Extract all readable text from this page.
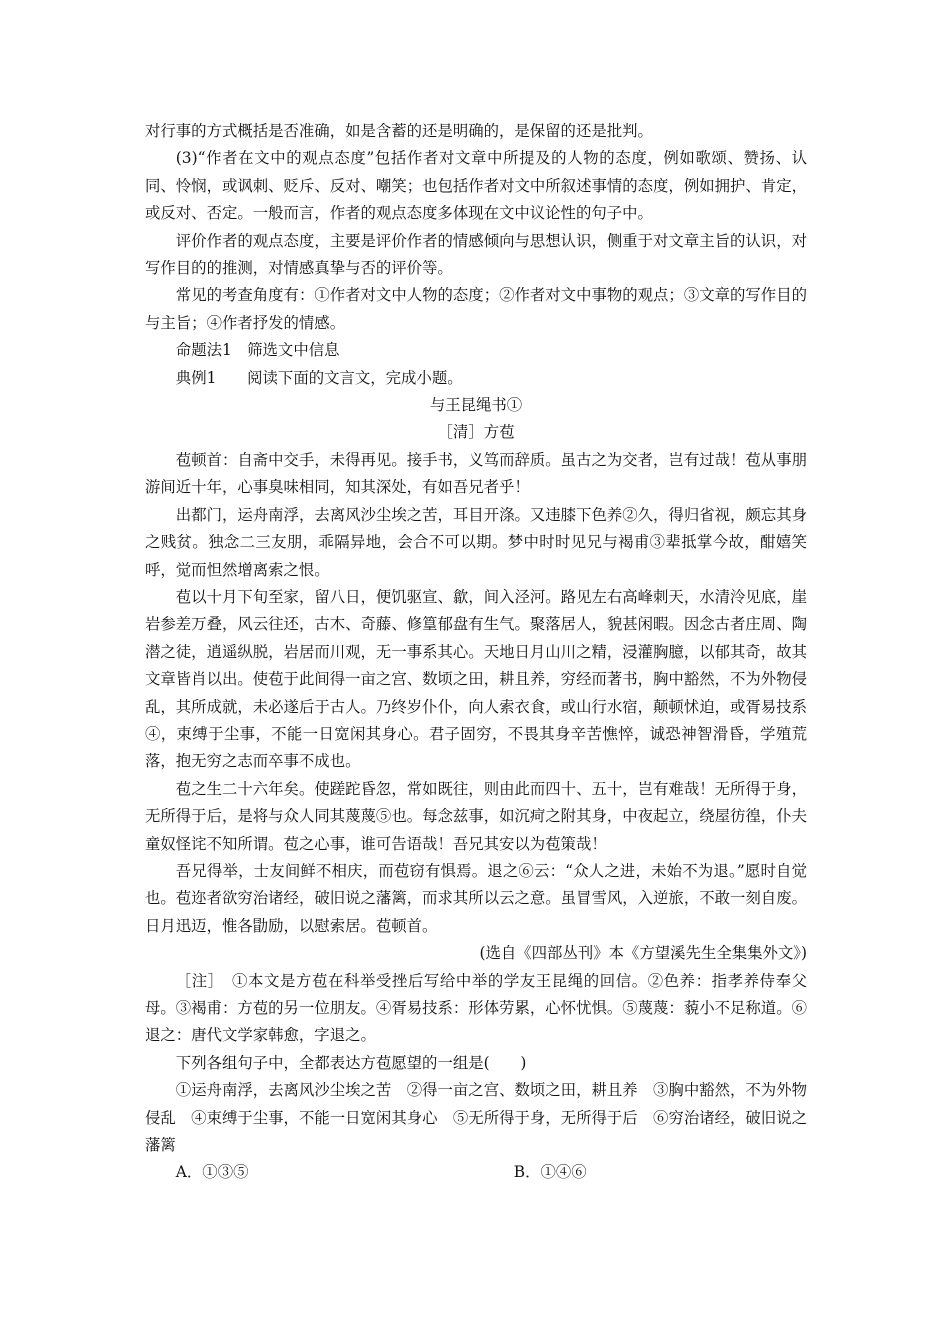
对行事的方式概括是否准确，如是含蓄的还是明确的，是保留的还是批判。

(3)“作者在文中的观点态度”包括作者对文章中所提及的人物的态度，例如歌颂、赞扬、认同、怜悯，或讽刺、贬斥、反对、嘲笑；也包括作者对文中所叙述事情的态度，例如拥护、肯定，或反对、否定。一般而言，作者的观点态度多体现在文中议论性的句子中。

评价作者的观点态度，主要是评价作者的情感倾向与思想认识，侧重于对文章主旨的认识，对写作目的的推测，对情感真挚与否的评价等。

常见的考查角度有：①作者对文中人物的态度；②作者对文中事物的观点；③文章的写作目的与主旨；④作者抒发的情感。

命题法1　筛选文中信息

典例1　　阅读下面的文言文，完成小题。

与王昆绳书①

［清］方苞

苞顿首：自斋中交手，未得再见。接手书，义笃而辞质。虽古之为交者，岂有过哉！苞从事朋游间近十年，心事臭味相同，知其深处，有如吾兄者乎！

出都门，运舟南浮，去离风沙尘埃之苦，耳目开涤。又违膝下色养②久，得归省视，颇忘其身之贱贫。独念二三友朋，乖隔异地，会合不可以期。梦中时时见兄与褐甫③辈抵掌今故，酣嬉笑呼，觉而怛然增离索之恨。

苞以十月下旬至家，留八日，便饥驱宣、歙，间入泾河。路见左右高峰刺天，水清泠见底，崖岩参差万叠，风云往还，古木、奇藤、修篁郁盘有生气。聚落居人，貌甚闲暇。因念古者庄周、陶潜之徒，逍遥纵脱，岩居而川观，无一事系其心。天地日月山川之精，浸灌胸臆，以郁其奇，故其文章皆肖以出。使苞于此间得一亩之宫、数顷之田，耕且养，穷经而著书，胸中豁然，不为外物侵乱，其所成就，未必遂后于古人。乃终岁仆仆，向人索衣食，或山行水宿，颠顿怵迫，或胥易技系④，束缚于尘事，不能一日宽闲其身心。君子固穷，不畏其身辛苦憔悴，诚恐神智滑昏，学殖荒落，抱无穷之志而卒事不成也。

苞之生二十六年矣。使蹉跎昏忽，常如既往，则由此而四十、五十，岂有难哉！无所得于身，无所得于后，是将与众人同其蔑蔑⑤也。每念兹事，如沉疴之附其身，中夜起立，绕屋彷徨，仆夫童奴怪诧不知所谓。苞之心事，谁可告语哉！吾兄其安以为苞策哉！

吾兄得举，士友间鲜不相庆，而苞窃有惧焉。退之⑥云：“众人之进，未始不为退。”愿时自觉也。苞迩者欲穷治诸经，破旧说之藩篱，而求其所以云之意。虽冒雪风，入逆旅，不敢一刻自废。日月迅迈，惟各勖励，以慰索居。苞顿首。

(选自《四部丛刊》本《方望溪先生全集集外文》)

［注］　①本文是方苞在科举受挫后写给中举的学友王昆绳的回信。②色养：指孝养侍奉父母。③褐甫：方苞的另一位朋友。④胥易技系：形体劳累，心怀忧惧。⑤蔑蔑：藐小不足称道。⑥退之：唐代文学家韩愈，字退之。

下列各组句子中，全都表达方苞愿望的一组是(　　)

①运舟南浮，去离风沙尘埃之苦　②得一亩之宫、数顷之田，耕且养　③胸中豁然，不为外物侵乱　④束缚于尘事，不能一日宽闲其身心　⑤无所得于身，无所得于后　⑥穷治诸经，破旧说之藩篱

A．①③⑤	B．①④⑥
